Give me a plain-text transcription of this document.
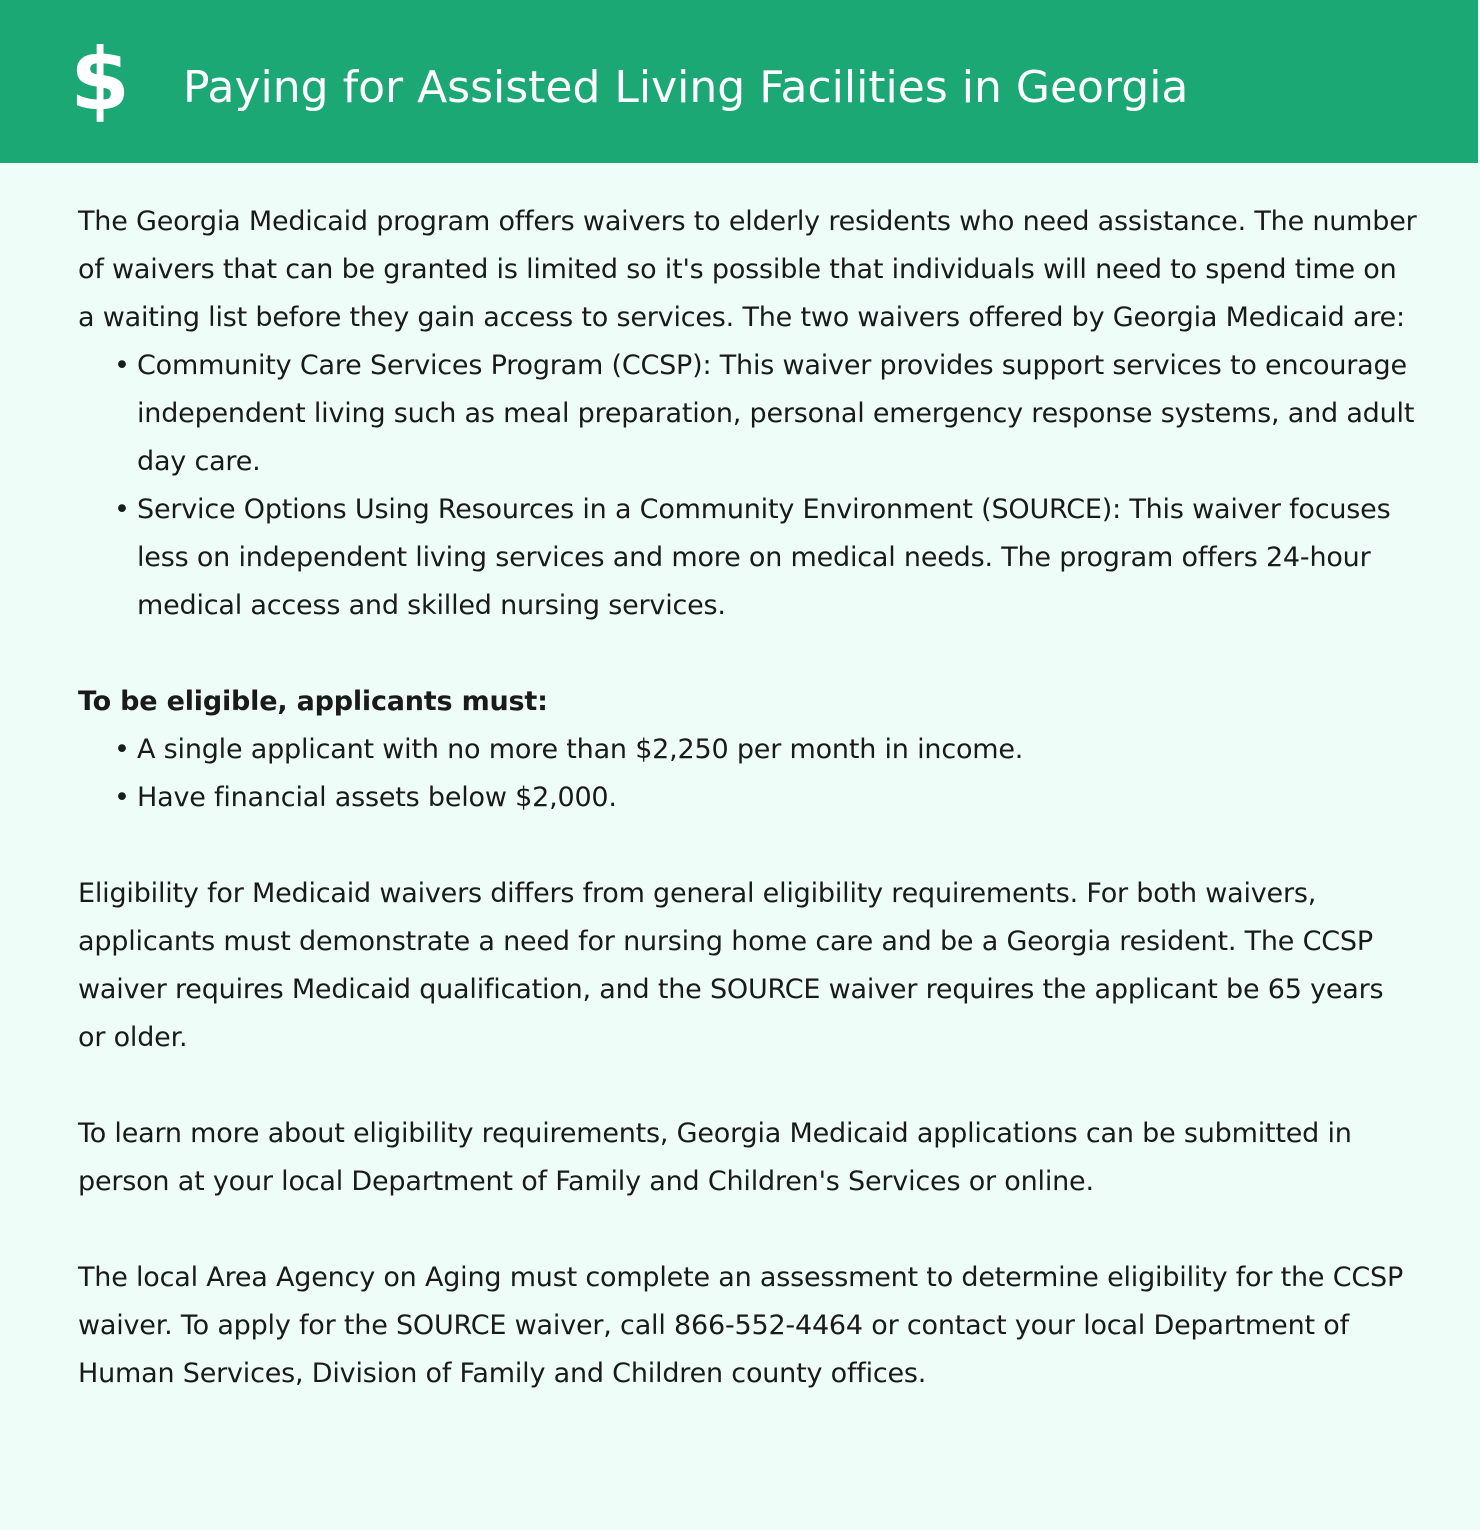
$ Paying for Assisted Living Facilities in Georgia

The Georgia Medicaid program offers waivers to elderly residents who need assistance. The number of waivers that can be granted is limited so it's possible that individuals will need to spend time on a waiting list before they gain access to services. The two waivers offered by Georgia Medicaid are:

• Community Care Services Program (CCSP): This waiver provides support services to encourage independent living such as meal preparation, personal emergency response systems, and adult day care.
• Service Options Using Resources in a Community Environment (SOURCE): This waiver focuses less on independent living services and more on medical needs. The program offers 24-hour medical access and skilled nursing services.

To be eligible, applicants must:

• A single applicant with no more than $2,250 per month in income.
• Have financial assets below $2,000.

Eligibility for Medicaid waivers differs from general eligibility requirements. For both waivers, applicants must demonstrate a need for nursing home care and be a Georgia resident. The CCSP waiver requires Medicaid qualification, and the SOURCE waiver requires the applicant be 65 years or older.

To learn more about eligibility requirements, Georgia Medicaid applications can be submitted in person at your local Department of Family and Children's Services or online.

The local Area Agency on Aging must complete an assessment to determine eligibility for the CCSP waiver. To apply for the SOURCE waiver, call 866-552-4464 or contact your local Department of Human Services, Division of Family and Children county offices.
